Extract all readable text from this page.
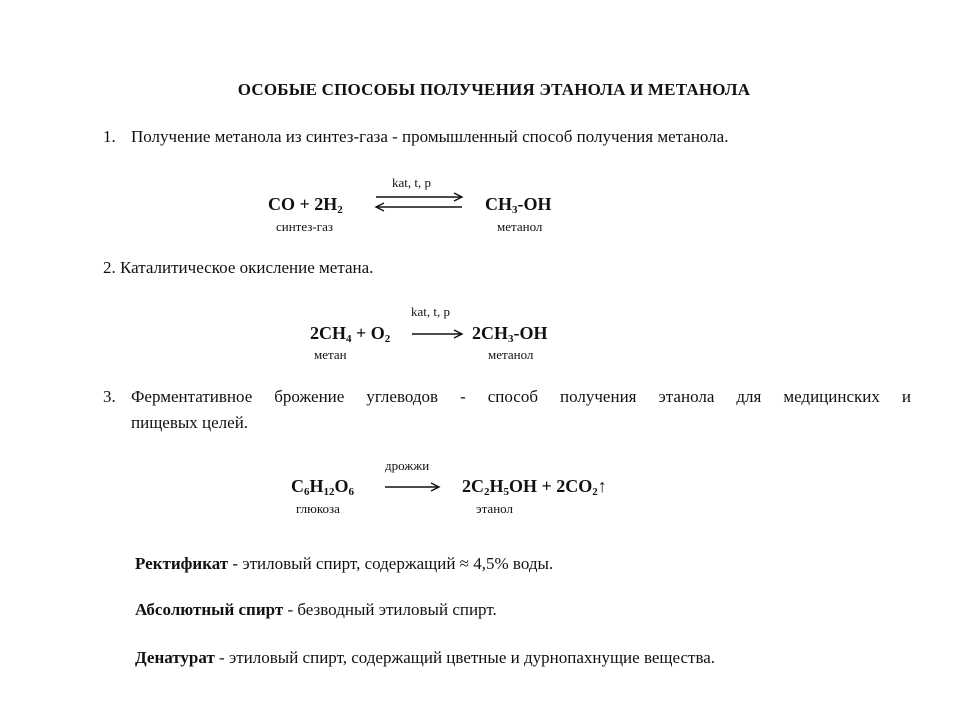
ОСОБЫЕ СПОСОБЫ ПОЛУЧЕНИЯ ЭТАНОЛА И МЕТАНОЛА
1. Получение метанола из синтез-газа - промышленный способ получения метанола.
kat, t, p
CO + $2H_2$	$CH_3-OH$
синтез-газ	метанол
2. Каталитическое окисление метана.
kat, t, p
$2CH_4 + O_2$	$2CH_3-OH$
метан	метанол
3. Ферментативное брожение углеводов - способ получения этанола для медицинских и
пищевых целей.
дрожжи
$C_6H_{12}O_6$	$2C_2H_5OH$ + $2CO_2↑$
глюкоза	этанол
Ректификат - этиловый спирт, содержащий ≈ 4,5% воды.
Абсолютный спирт - безводный этиловый спирт.
Денатурат - этиловый спирт, содержащий цветные и дурнопахнущие вещества.
